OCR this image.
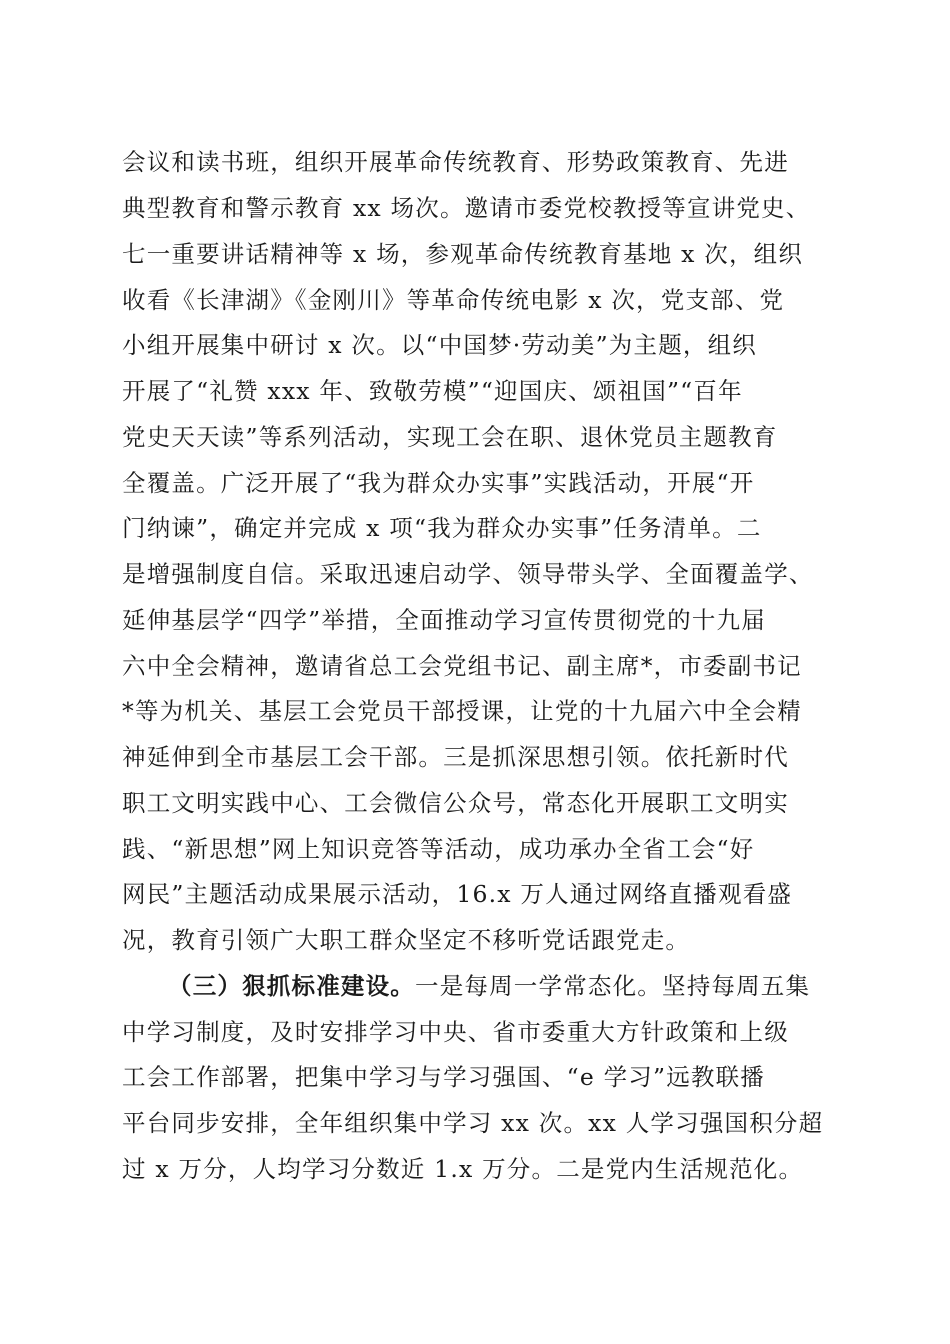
会议和读书班，组织开展革命传统教育、形势政策教育、先进
典型教育和警示教育 xx 场次。邀请市委党校教授等宣讲党史、
七一重要讲话精神等 x 场，参观革命传统教育基地 x 次，组织
收看《长津湖》《金刚川》等革命传统电影 x 次，党支部、党
小组开展集中研讨 x 次。以“中国梦·劳动美”为主题，组织
开展了“礼赞 xxx 年、致敬劳模”“迎国庆、颂祖国”“百年
党史天天读”等系列活动，实现工会在职、退休党员主题教育
全覆盖。广泛开展了“我为群众办实事”实践活动，开展“开
门纳谏”，确定并完成 x 项“我为群众办实事”任务清单。二
是增强制度自信。采取迅速启动学、领导带头学、全面覆盖学、
延伸基层学“四学”举措，全面推动学习宣传贯彻党的十九届
六中全会精神，邀请省总工会党组书记、副主席*，市委副书记
*等为机关、基层工会党员干部授课，让党的十九届六中全会精
神延伸到全市基层工会干部。三是抓深思想引领。依托新时代
职工文明实践中心、工会微信公众号，常态化开展职工文明实
践、“新思想”网上知识竞答等活动，成功承办全省工会“好
网民”主题活动成果展示活动，16.x 万人通过网络直播观看盛
况，教育引领广大职工群众坚定不移听党话跟党走。
（三）狠抓标准建设。一是每周一学常态化。坚持每周五集
中学习制度，及时安排学习中央、省市委重大方针政策和上级
工会工作部署，把集中学习与学习强国、“e 学习”远教联播
平台同步安排，全年组织集中学习 xx 次。xx 人学习强国积分超
过 x 万分，人均学习分数近 1.x 万分。二是党内生活规范化。
